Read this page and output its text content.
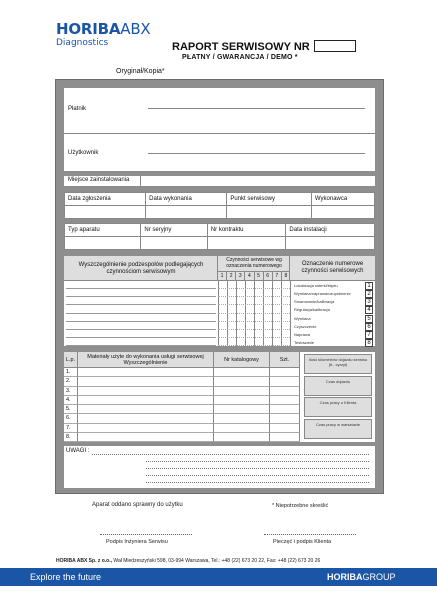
HORIBAABX
Diagnostics	RAPORT SERWISOWY NR
PŁATNY / GWARANCJA / DEMO *
Oryginał/Kopia*
Płatnik
Użytkownik
Miejsce zainstalowania
Data zgłoszenia	Data wykonania	Punkt serwisowy	Wykonawca

Typ aparatu	Nr seryjny	Nr kontraktu	Data instalacji

Wyszczególnienie podzespołów podlegających czynnościom serwisowym
Czynności serwisowe wg oznaczenia numerowego
1	2	3	4	5	6	7	8
Oznaczenie numerowe czynności serwisowych
Lokalizacja usterki/błędu	1
Wymiana/naprawa/uzupełnienie	2
Smarowanie/kalibracja	3
Regulacja/kalibracja	4
Wymiana	5
Czyszczenie	6
Naprawa	7
Testowanie	8
L.p.	Materiały użyte do wykonania usługi serwisowej Wyszczególnienie	Nr katalogowy	Szt.
1.
2.
3.
4.
5.
6.
7.
8.
Ilość kilometrów dojazdu serwisu (tl.- cyrzył)
Czas dojazdu
Czas pracy u Klienta
Czas pracy w warsztacie
UWAGI :
Aparat oddano sprawny do użytku	* Niepotrzebne skreślić
Podpis Inżyniera Serwisu	Pieczęć i podpis Klienta
HORIBA ABX Sp. z o.o., Wał Miedzeszyński 598, 03-994 Warszawa, Tel.: +48 (22) 673 20 22, Fax: +48 (22) 673 20 26
Explore the future	HORIBAGROUP
